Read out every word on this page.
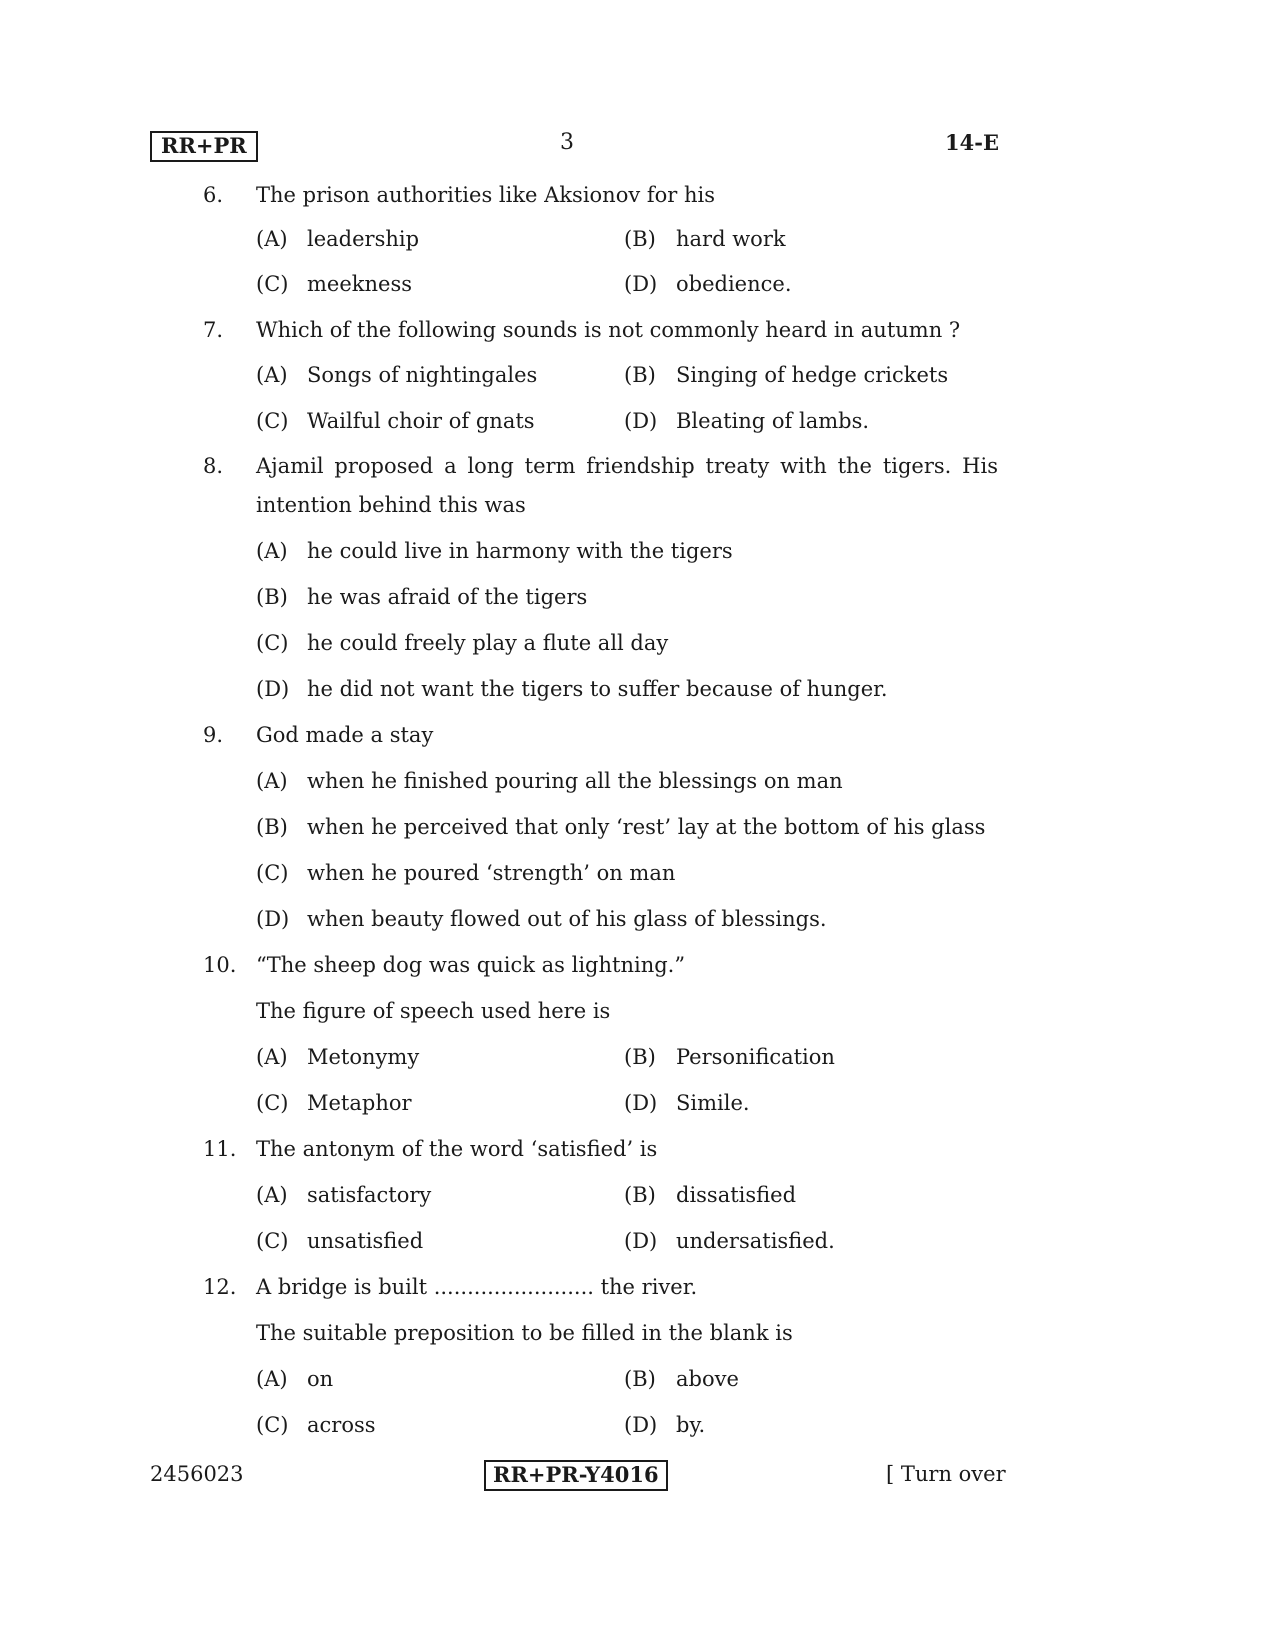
RR+PR	3	14-E
6. The prison authorities like Aksionov for his
(A) leadership	(B) hard work
(C) meekness	(D) obedience.
7. Which of the following sounds is not commonly heard in autumn ?
(A) Songs of nightingales	(B) Singing of hedge crickets
(C) Wailful choir of gnats	(D) Bleating of lambs.
8. Ajamil proposed a long term friendship treaty with the tigers. His
intention behind this was
(A) he could live in harmony with the tigers
(B) he was afraid of the tigers
(C) he could freely play a flute all day
(D) he did not want the tigers to suffer because of hunger.
9. God made a stay
(A) when he finished pouring all the blessings on man
(B) when he perceived that only ‘rest’ lay at the bottom of his glass
(C) when he poured ‘strength’ on man
(D) when beauty flowed out of his glass of blessings.
10. “The sheep dog was quick as lightning.”
The figure of speech used here is
(A) Metonymy	(B) Personification
(C) Metaphor	(D) Simile.
11. The antonym of the word ‘satisfied’ is
(A) satisfactory	(B) dissatisfied
(C) unsatisfied	(D) undersatisfied.
12. A bridge is built ........................ the river.
The suitable preposition to be filled in the blank is
(A) on	(B) above
(C) across	(D) by.
2456023	RR+PR-Y4016	[ Turn over
